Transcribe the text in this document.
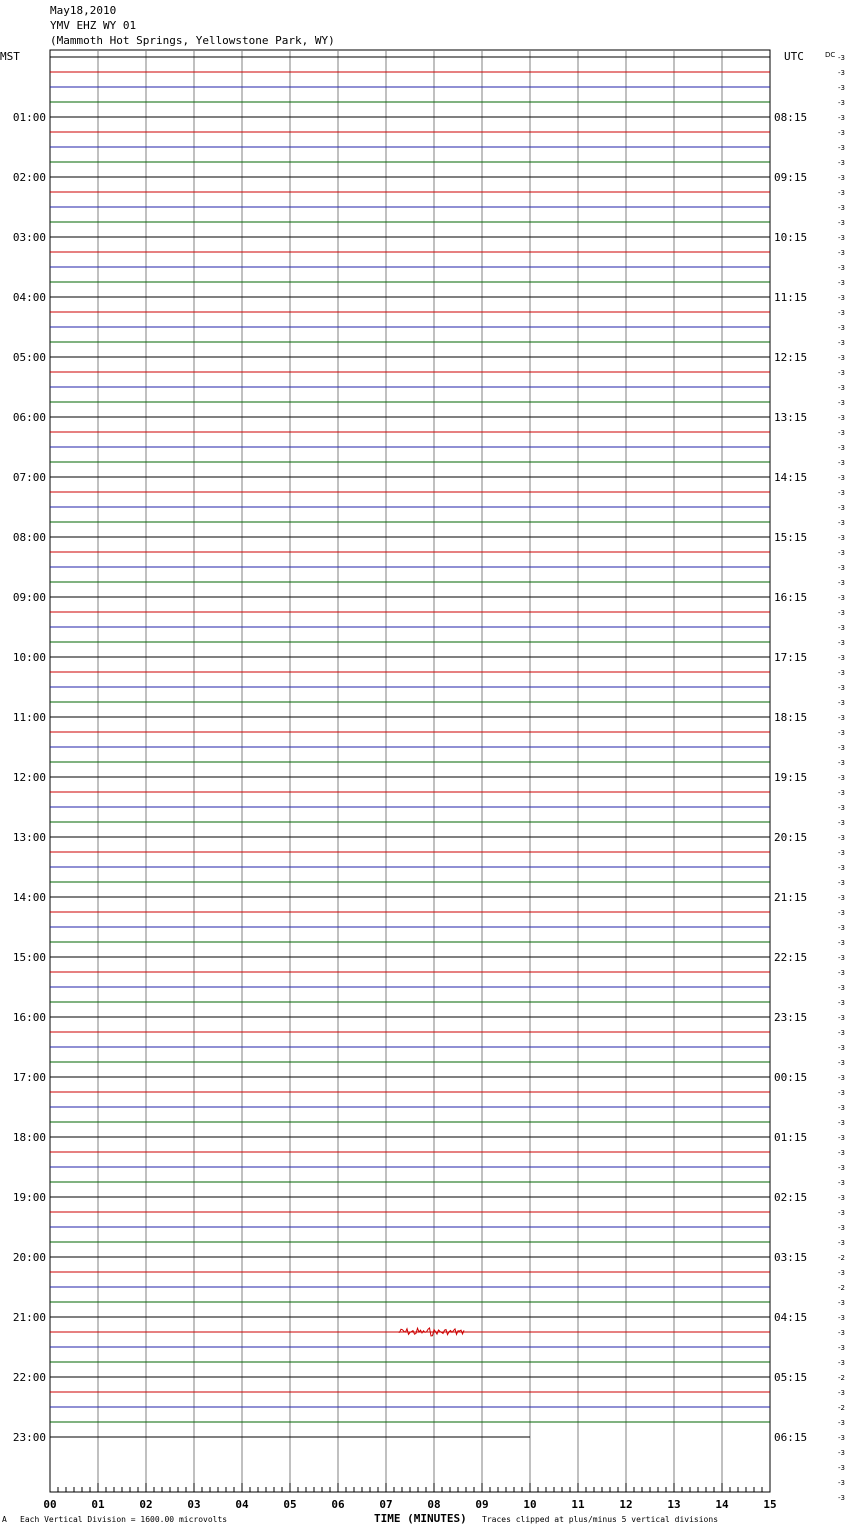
May18,2010
YMV EHZ WY 01
(Mammoth Hot Springs, Yellowstone Park, WY)
MST	UTC	DC
01:00
02:00
03:00
04:00
05:00
06:00
07:00
08:00
09:00
10:00
11:00
12:00
13:00
14:00
15:00
16:00
17:00
18:00
19:00
20:00
21:00
22:00
23:00
08:15
09:15
10:15
11:15
12:15
13:15
14:15
15:15
16:15
17:15
18:15
19:15
20:15
21:15
22:15
23:15
00:15
01:15
02:15
03:15
04:15
05:15
06:15
-3
-3
-3
-3
-3
-3
-3
-3
-3
-3
-3
-3
-3
-3
-3
-3
-3
-3
-3
-3
-3
-3
-3
-3
-3
-3
-3
-3
-3
-3
-3
-3
-3
-3
-3
-3
-3
-3
-3
-3
-3
-3
-3
-3
-3
-3
-3
-3
-3
-3
-3
-3
-3
-3
-3
-3
-3
-3
-3
-3
-3
-3
-3
-3
-3
-3
-3
-3
-3
-3
-3
-3
-3
-3
-3
-3
-3
-3
-3
-3
-2
-3
-2
-3
-3
-3
-3
-3
-2
-3
-2
-3
-3
-3
-3
-3
-3
00	01	02	03	04	05	06	07	08	09	10	11	12	13	14	15
A Each Vertical Division = 1600.00 microvolts	TIME (MINUTES) Traces clipped at plus/minus 5 vertical divisions
